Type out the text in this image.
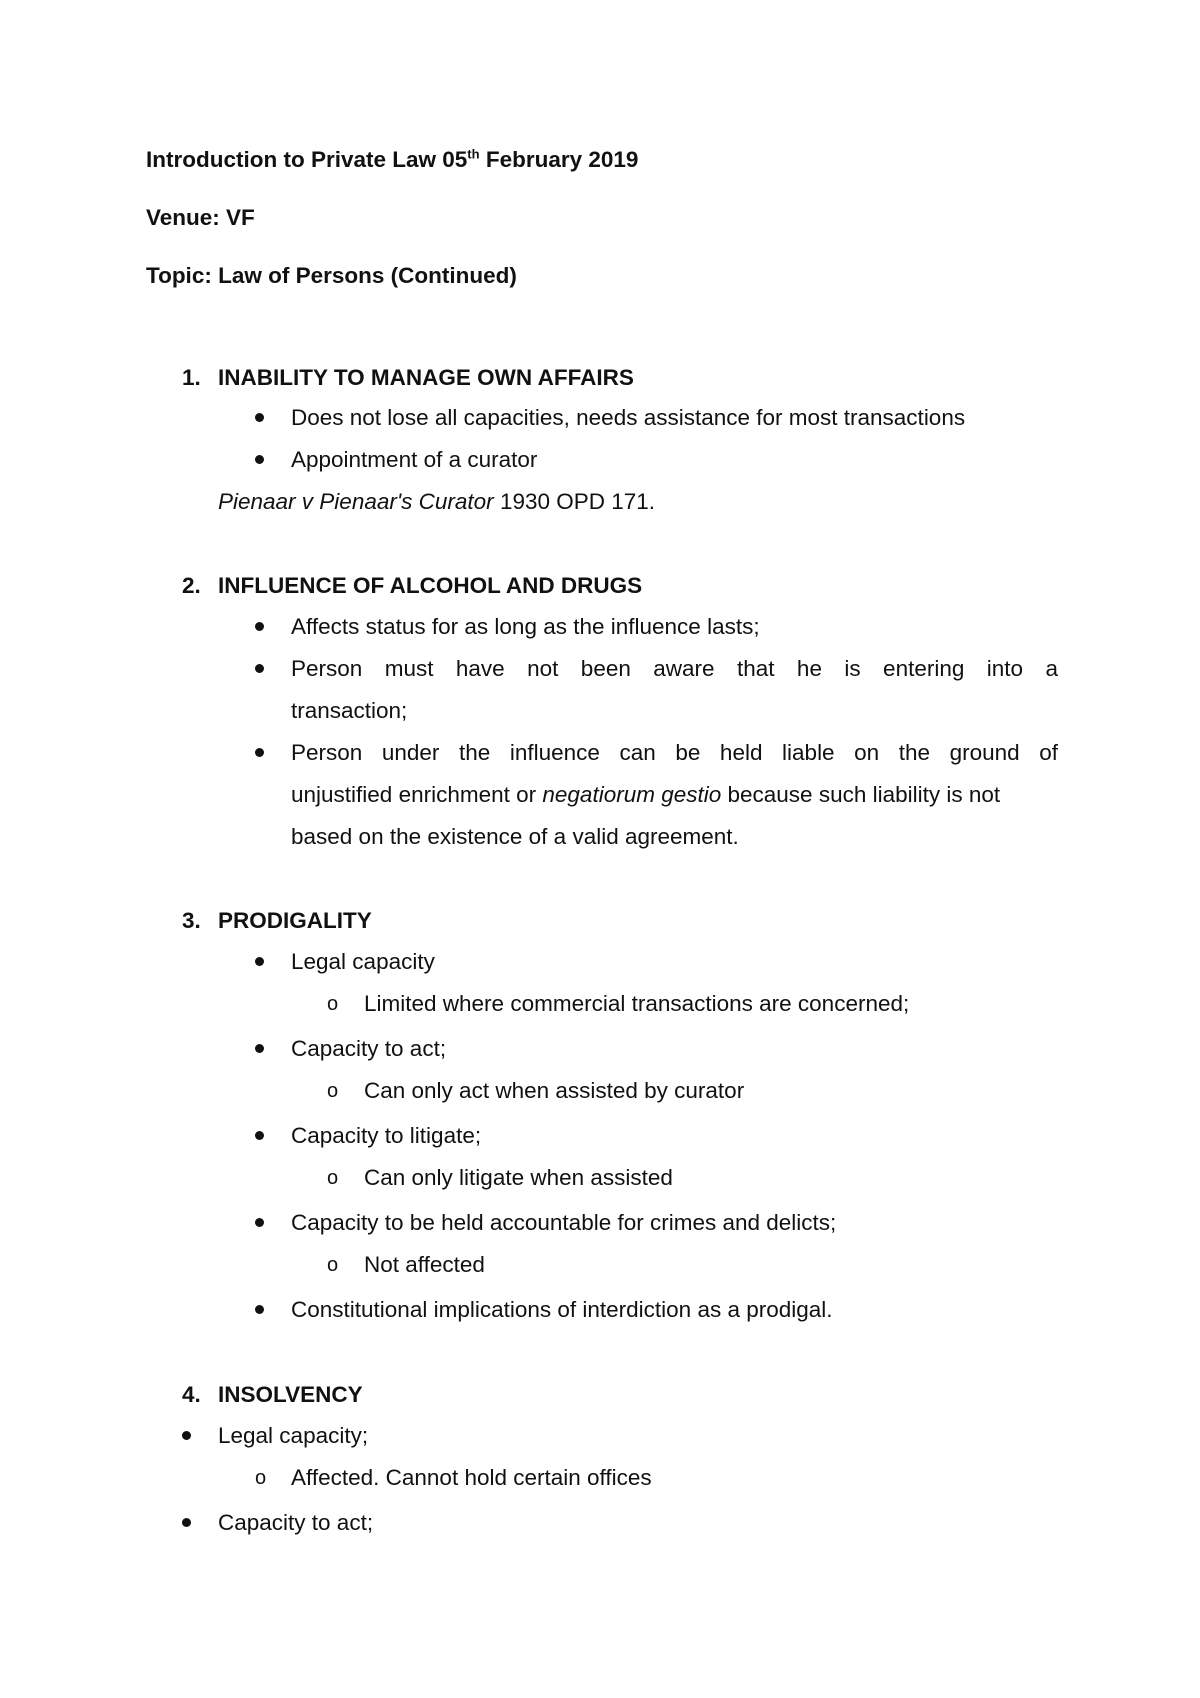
Introduction to Private Law 05th February 2019
Venue: VF
Topic: Law of Persons (Continued)
1. INABILITY TO MANAGE OWN AFFAIRS
Does not lose all capacities, needs assistance for most transactions
Appointment of a curator
Pienaar v Pienaar's Curator 1930 OPD 171.
2. INFLUENCE OF ALCOHOL AND DRUGS
Affects status for as long as the influence lasts;
Person must have not been aware that he is entering into a
transaction;
Person under the influence can be held liable on the ground of
unjustified enrichment or negatiorum gestio because such liability is not
based on the existence of a valid agreement.
3. PRODIGALITY
Legal capacity
o Limited where commercial transactions are concerned;
Capacity to act;
o Can only act when assisted by curator
Capacity to litigate;
o Can only litigate when assisted
Capacity to be held accountable for crimes and delicts;
o Not affected
Constitutional implications of interdiction as a prodigal.
4. INSOLVENCY
Legal capacity;
o Affected. Cannot hold certain offices
Capacity to act;
